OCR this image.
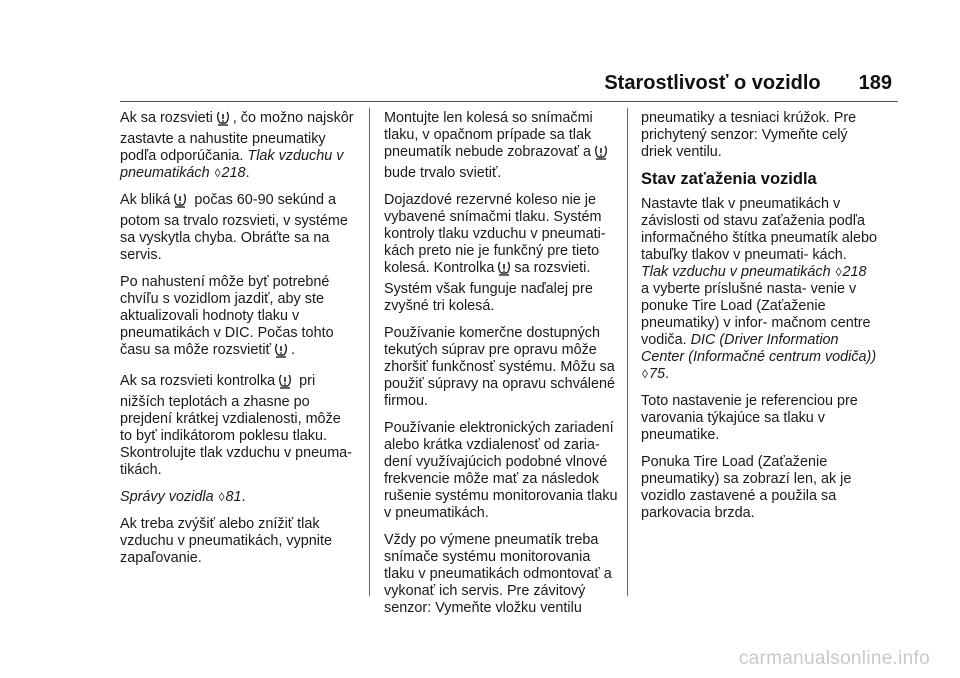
Starostlivosť o vozidlo 189

Ak sa rozsvieti , čo možno najskôr zastavte a nahustite pneumatiky podľa odporúčania. Tlak vzduchu v pneumatikách ◊218.

Ak bliká počas 60-90 sekúnd a potom sa trvalo rozsvieti, v systéme sa vyskytla chyba. Obráťte sa na servis.

Po nahustení môže byť potrebné chvíľu s vozidlom jazdiť, aby ste aktualizovali hodnoty tlaku v pneumatikách v DIC. Počas tohto času sa môže rozsvietiť .

Ak sa rozsvieti kontrolka pri nižších teplotách a zhasne po prejdení krátkej vzdialenosti, môže to byť indikátorom poklesu tlaku. Skontrolujte tlak vzduchu v pneuma- tikách.

Správy vozidla ◊81.

Ak treba zvýšiť alebo znížiť tlak vzduchu v pneumatikách, vypnite zapaľovanie.

Montujte len kolesá so snímačmi tlaku, v opačnom prípade sa tlak pneumatík nebude zobrazovať a bude trvalo svietiť.

Dojazdové rezervné koleso nie je vybavené snímačmi tlaku. Systém kontroly tlaku vzduchu v pneumati- kách preto nie je funkčný pre tieto kolesá. Kontrolka sa rozsvieti. Systém však funguje naďalej pre zvyšné tri kolesá.

Používanie komerčne dostupných tekutých súprav pre opravu môže zhoršiť funkčnosť systému. Môžu sa použiť súpravy na opravu schválené firmou.

Používanie elektronických zariadení alebo krátka vzdialenosť od zaria- dení využívajúcich podobné vlnové frekvencie môže mať za následok rušenie systému monitorovania tlaku v pneumatikách.

Vždy po výmene pneumatík treba snímače systému monitorovania tlaku v pneumatikách odmontovať a vykonať ich servis. Pre závitový senzor: Vymeňte vložku ventilu

pneumatiky a tesniaci krúžok. Pre prichytený senzor: Vymeňte celý driek ventilu.

Stav zaťaženia vozidla

Nastavte tlak v pneumatikách v závislosti od stavu zaťaženia podľa informačného štítka pneumatík alebo tabuľky tlakov v pneumati- kách. Tlak vzduchu v pneumatikách ◊218 a vyberte príslušné nasta- venie v ponuke Tire Load (Zaťaženie pneumatiky) v infor- mačnom centre vodiča. DIC (Driver Information Center (Informačné centrum vodiča)) ◊75.

Toto nastavenie je referenciou pre varovania týkajúce sa tlaku v pneumatike.

Ponuka Tire Load (Zaťaženie pneumatiky) sa zobrazí len, ak je vozidlo zastavené a použila sa parkovacia brzda.

carmanualsonline.info
